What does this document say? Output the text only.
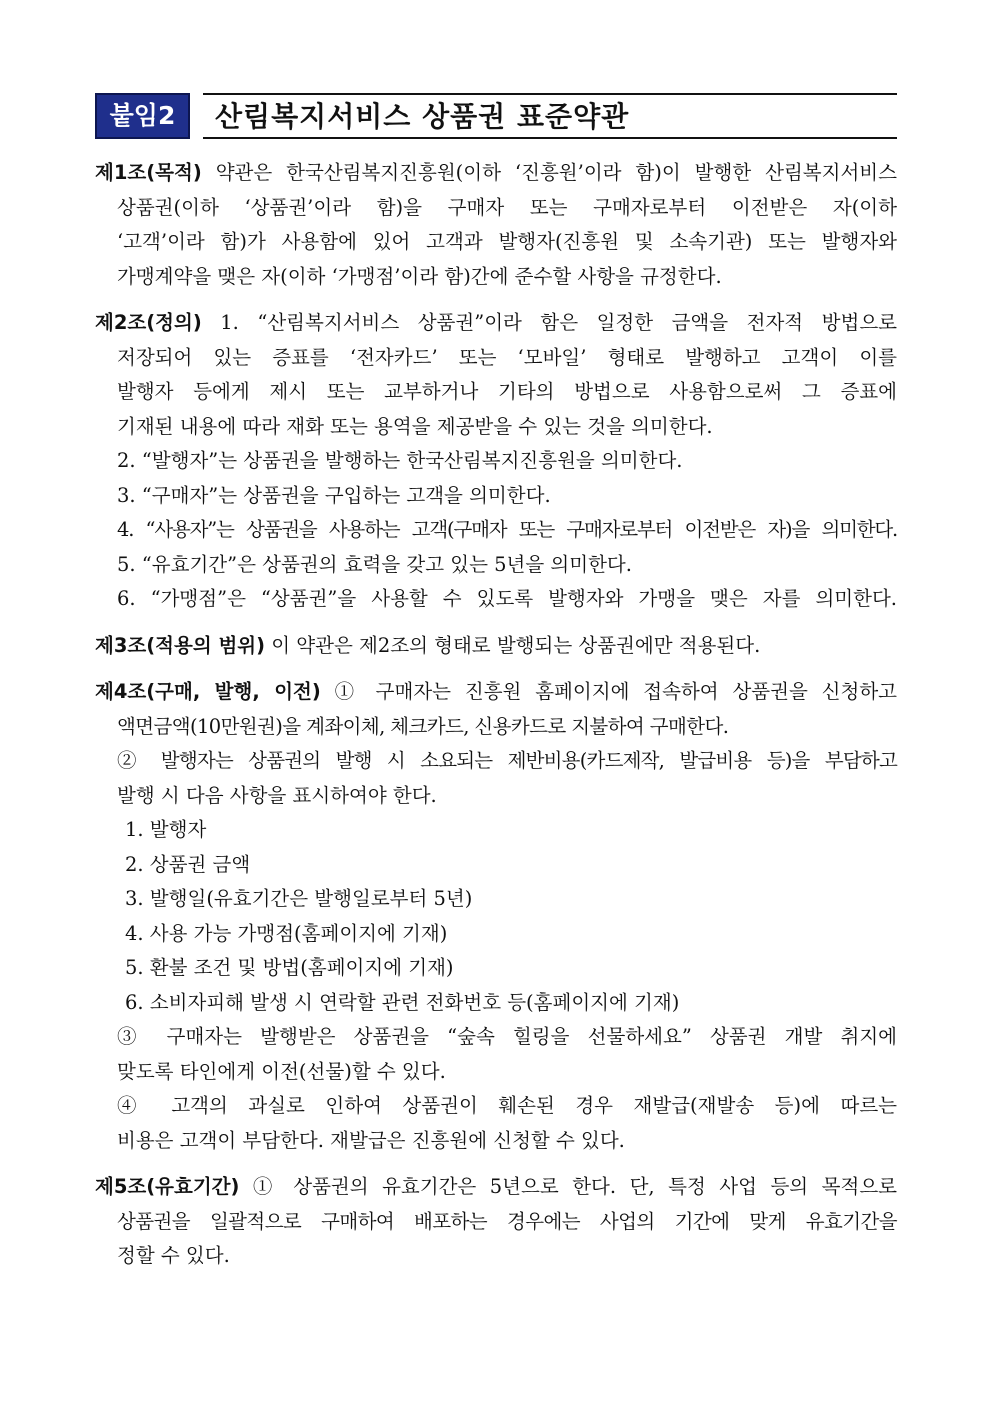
붙임2	산림복지서비스 상품권 표준약관
제1조(목적) 약관은 한국산림복지진흥원(이하 ‘진흥원’이라 함)이 발행한 산림복지서비스
상품권(이하 ‘상품권’이라 함)을 구매자 또는 구매자로부터 이전받은 자(이하
‘고객’이라 함)가 사용함에 있어 고객과 발행자(진흥원 및 소속기관) 또는 발행자와
가맹계약을 맺은 자(이하 ‘가맹점’이라 함)간에 준수할 사항을 규정한다.
제2조(정의) 1. “산림복지서비스 상품권”이라 함은 일정한 금액을 전자적 방법으로
저장되어 있는 증표를 ‘전자카드’ 또는 ‘모바일’ 형태로 발행하고 고객이 이를
발행자 등에게 제시 또는 교부하거나 기타의 방법으로 사용함으로써 그 증표에
기재된 내용에 따라 재화 또는 용역을 제공받을 수 있는 것을 의미한다.
2. “발행자”는 상품권을 발행하는 한국산림복지진흥원을 의미한다.
3. “구매자”는 상품권을 구입하는 고객을 의미한다.
4. “사용자”는 상품권을 사용하는 고객(구매자 또는 구매자로부터 이전받은 자)을 의미한다.
5. “유효기간”은 상품권의 효력을 갖고 있는 5년을 의미한다.
6. “가맹점”은 “상품권”을 사용할 수 있도록 발행자와 가맹을 맺은 자를 의미한다.
제3조(적용의 범위) 이 약관은 제2조의 형태로 발행되는 상품권에만 적용된다.
제4조(구매, 발행, 이전) ① 구매자는 진흥원 홈페이지에 접속하여 상품권을 신청하고
액면금액(10만원권)을 계좌이체, 체크카드, 신용카드로 지불하여 구매한다.
② 발행자는 상품권의 발행 시 소요되는 제반비용(카드제작, 발급비용 등)을 부담하고
발행 시 다음 사항을 표시하여야 한다.
1. 발행자
2. 상품권 금액
3. 발행일(유효기간은 발행일로부터 5년)
4. 사용 가능 가맹점(홈페이지에 기재)
5. 환불 조건 및 방법(홈페이지에 기재)
6. 소비자피해 발생 시 연락할 관련 전화번호 등(홈페이지에 기재)
③ 구매자는 발행받은 상품권을 “숲속 힐링을 선물하세요” 상품권 개발 취지에
맞도록 타인에게 이전(선물)할 수 있다.
④ 고객의 과실로 인하여 상품권이 훼손된 경우 재발급(재발송 등)에 따르는
비용은 고객이 부담한다. 재발급은 진흥원에 신청할 수 있다.
제5조(유효기간) ① 상품권의 유효기간은 5년으로 한다. 단, 특정 사업 등의 목적으로
상품권을 일괄적으로 구매하여 배포하는 경우에는 사업의 기간에 맞게 유효기간을
정할 수 있다.
